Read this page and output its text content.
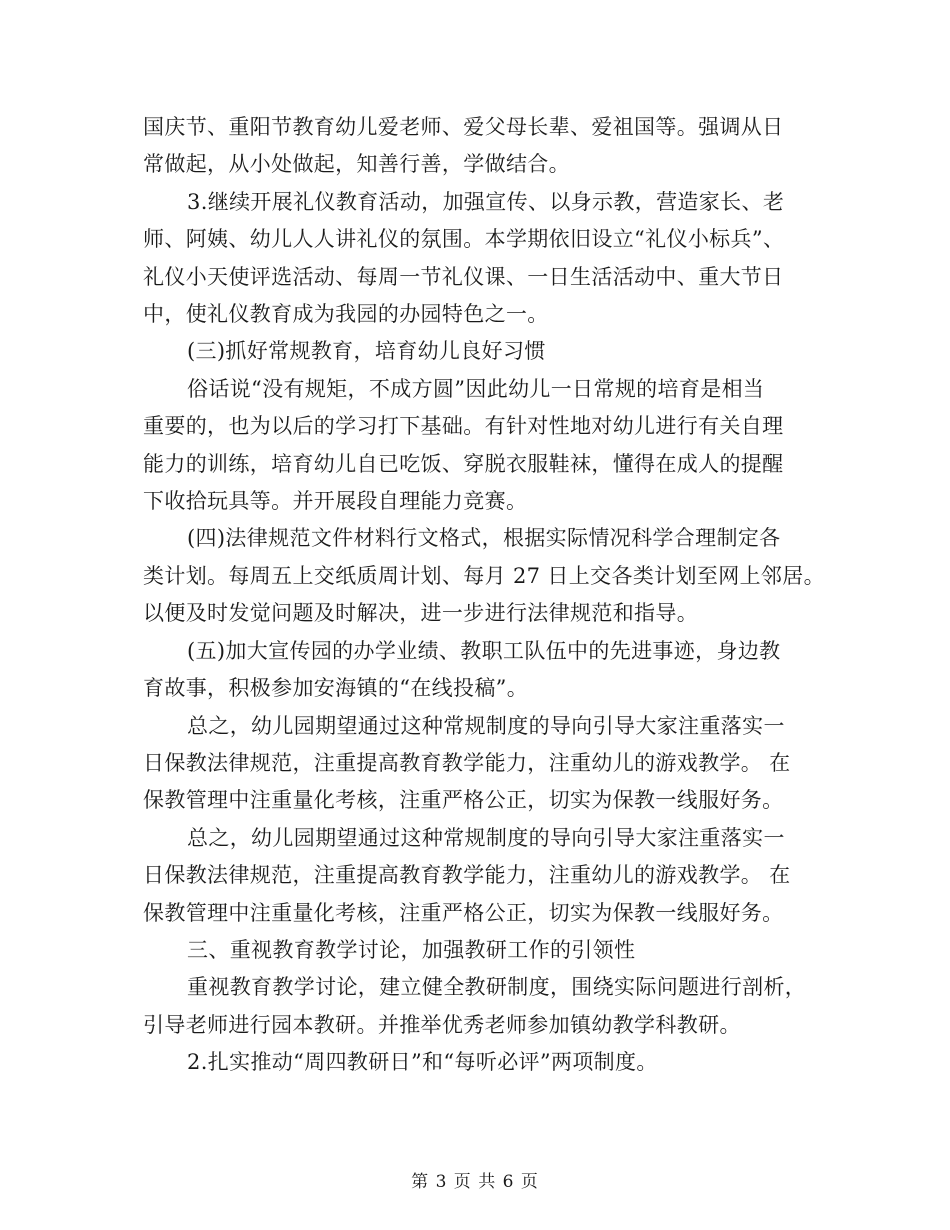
国庆节、重阳节教育幼儿爱老师、爱父母长辈、爱祖国等。强调从日
常做起，从小处做起，知善行善，学做结合。
3.继续开展礼仪教育活动，加强宣传、以身示教，营造家长、老
师、阿姨、幼儿人人讲礼仪的氛围。本学期依旧设立“礼仪小标兵”、
礼仪小天使评选活动、每周一节礼仪课、一日生活活动中、重大节日
中，使礼仪教育成为我园的办园特色之一。
(三)抓好常规教育，培育幼儿良好习惯
俗话说“没有规矩，不成方圆”因此幼儿一日常规的培育是相当
重要的，也为以后的学习打下基础。有针对性地对幼儿进行有关自理
能力的训练，培育幼儿自已吃饭、穿脱衣服鞋袜，懂得在成人的提醒
下收拾玩具等。并开展段自理能力竞赛。
(四)法律规范文件材料行文格式，根据实际情况科学合理制定各
类计划。每周五上交纸质周计划、每月 27 日上交各类计划至网上邻居。
以便及时发觉问题及时解决，进一步进行法律规范和指导。
(五)加大宣传园的办学业绩、教职工队伍中的先进事迹，身边教
育故事，积极参加安海镇的“在线投稿”。
总之，幼儿园期望通过这种常规制度的导向引导大家注重落实一
日保教法律规范，注重提高教育教学能力，注重幼儿的游戏教学。 在
保教管理中注重量化考核，注重严格公正，切实为保教一线服好务。
总之，幼儿园期望通过这种常规制度的导向引导大家注重落实一
日保教法律规范，注重提高教育教学能力，注重幼儿的游戏教学。 在
保教管理中注重量化考核，注重严格公正，切实为保教一线服好务。
三、重视教育教学讨论，加强教研工作的引领性
重视教育教学讨论，建立健全教研制度，围绕实际问题进行剖析，
引导老师进行园本教研。并推举优秀老师参加镇幼教学科教研。
2.扎实推动“周四教研日”和“每听必评”两项制度。
第 3 页 共 6 页
